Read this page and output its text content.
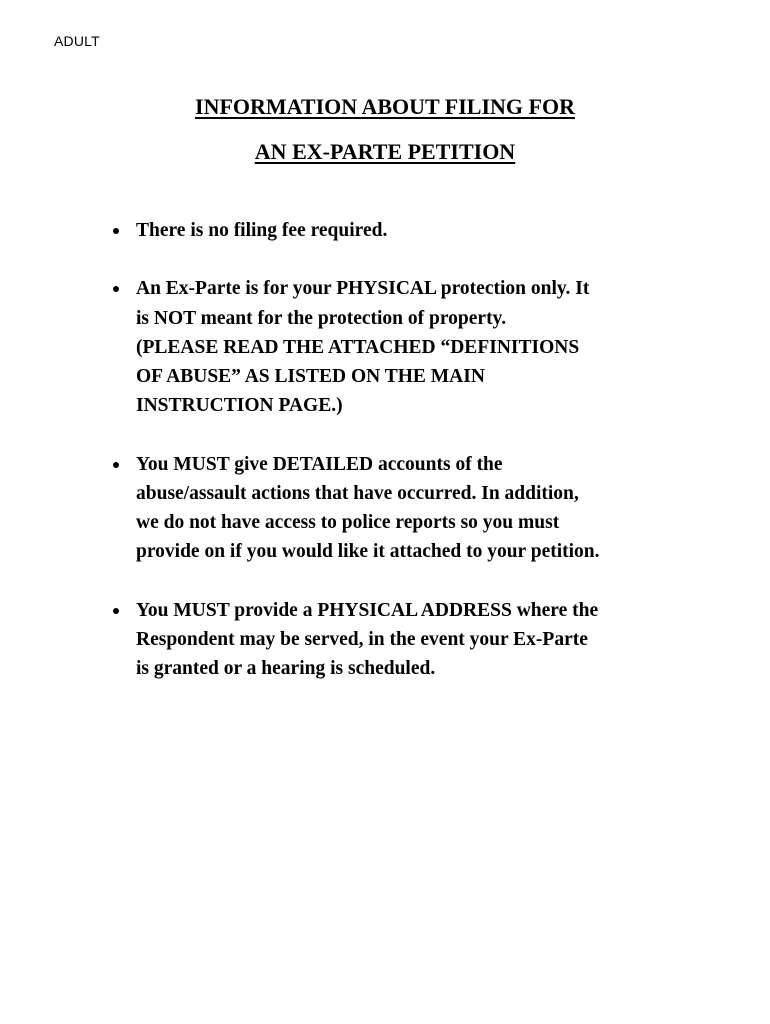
ADULT
INFORMATION ABOUT FILING FOR
AN EX-PARTE PETITION
There is no filing fee required.
An Ex-Parte is for your PHYSICAL protection only. It
is NOT meant for the protection of property.
(PLEASE READ THE ATTACHED “DEFINITIONS
OF ABUSE” AS LISTED ON THE MAIN
INSTRUCTION PAGE.)
You MUST give DETAILED accounts of the
abuse/assault actions that have occurred. In addition,
we do not have access to police reports so you must
provide on if you would like it attached to your petition.
You MUST provide a PHYSICAL ADDRESS where the
Respondent may be served, in the event your Ex-Parte
is granted or a hearing is scheduled.
